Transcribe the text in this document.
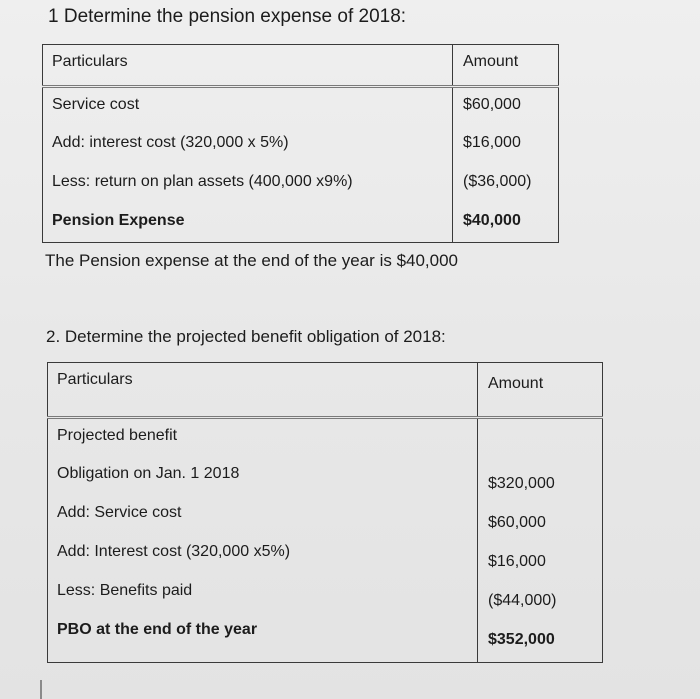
1 Determine the pension expense of 2018:
Particulars	Amount
Service cost	$60,000
Add: interest cost (320,000 x 5%)	$16,000
Less: return on plan assets (400,000 x9%)	($36,000)
Pension Expense	$40,000
The Pension expense at the end of the year is $40,000
2. Determine the projected benefit obligation of 2018:
Particulars	Amount
Projected benefit	
Obligation on Jan. 1 2018	$320,000
Add: Service cost	$60,000
Add: Interest cost (320,000 x5%)	$16,000
Less: Benefits paid	($44,000)
PBO at the end of the year	$352,000
